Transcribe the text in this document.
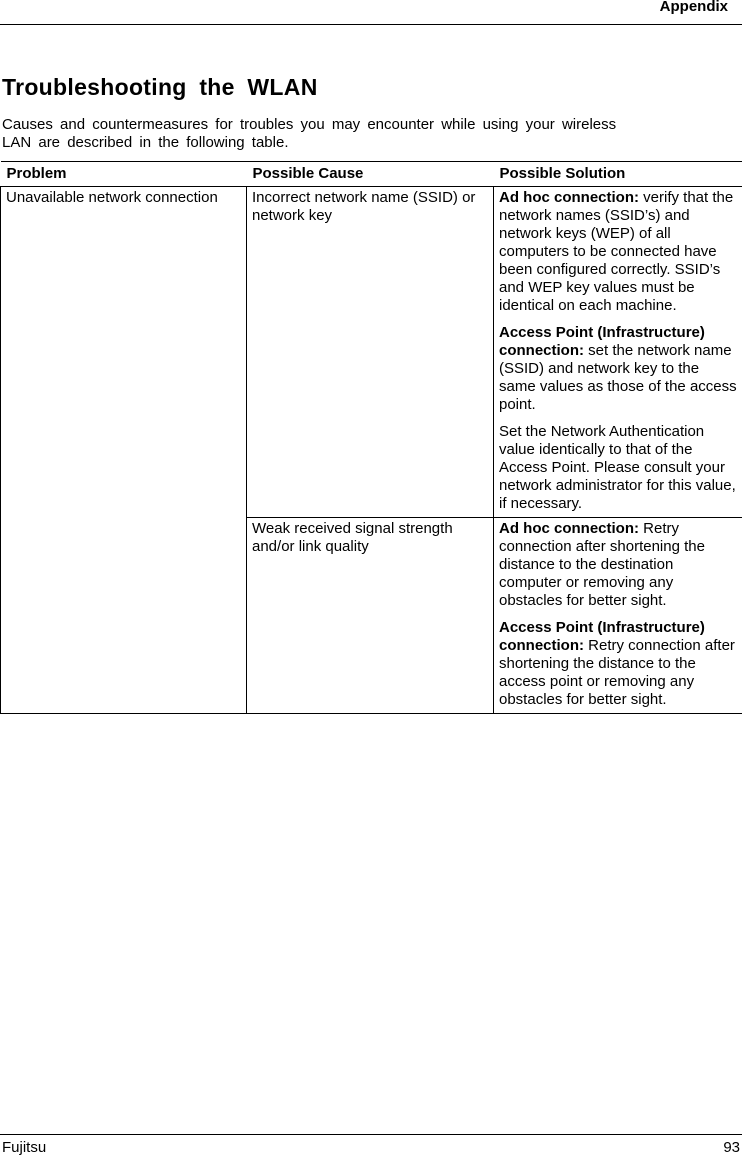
Appendix
Troubleshooting the WLAN

Causes and countermeasures for troubles you may encounter while using your wireless LAN are described in the following table.

Problem	Possible Cause	Possible Solution
Unavailable network connection	Incorrect network name (SSID) or network key	Ad hoc connection: verify that the network names (SSID’s) and network keys (WEP) of all computers to be connected have been configured correctly. SSID’s and WEP key values must be identical on each machine.

Access Point (Infrastructure) connection: set the network name (SSID) and network key to the same values as those of the access point.

Set the Network Authentication value identically to that of the Access Point. Please consult your network administrator for this value, if necessary.

	Weak received signal strength and/or link quality	Ad hoc connection: Retry connection after shortening the distance to the destination computer or removing any obstacles for better sight.

Access Point (Infrastructure) connection: Retry connection after shortening the distance to the access point or removing any obstacles for better sight.

Fujitsu	93
